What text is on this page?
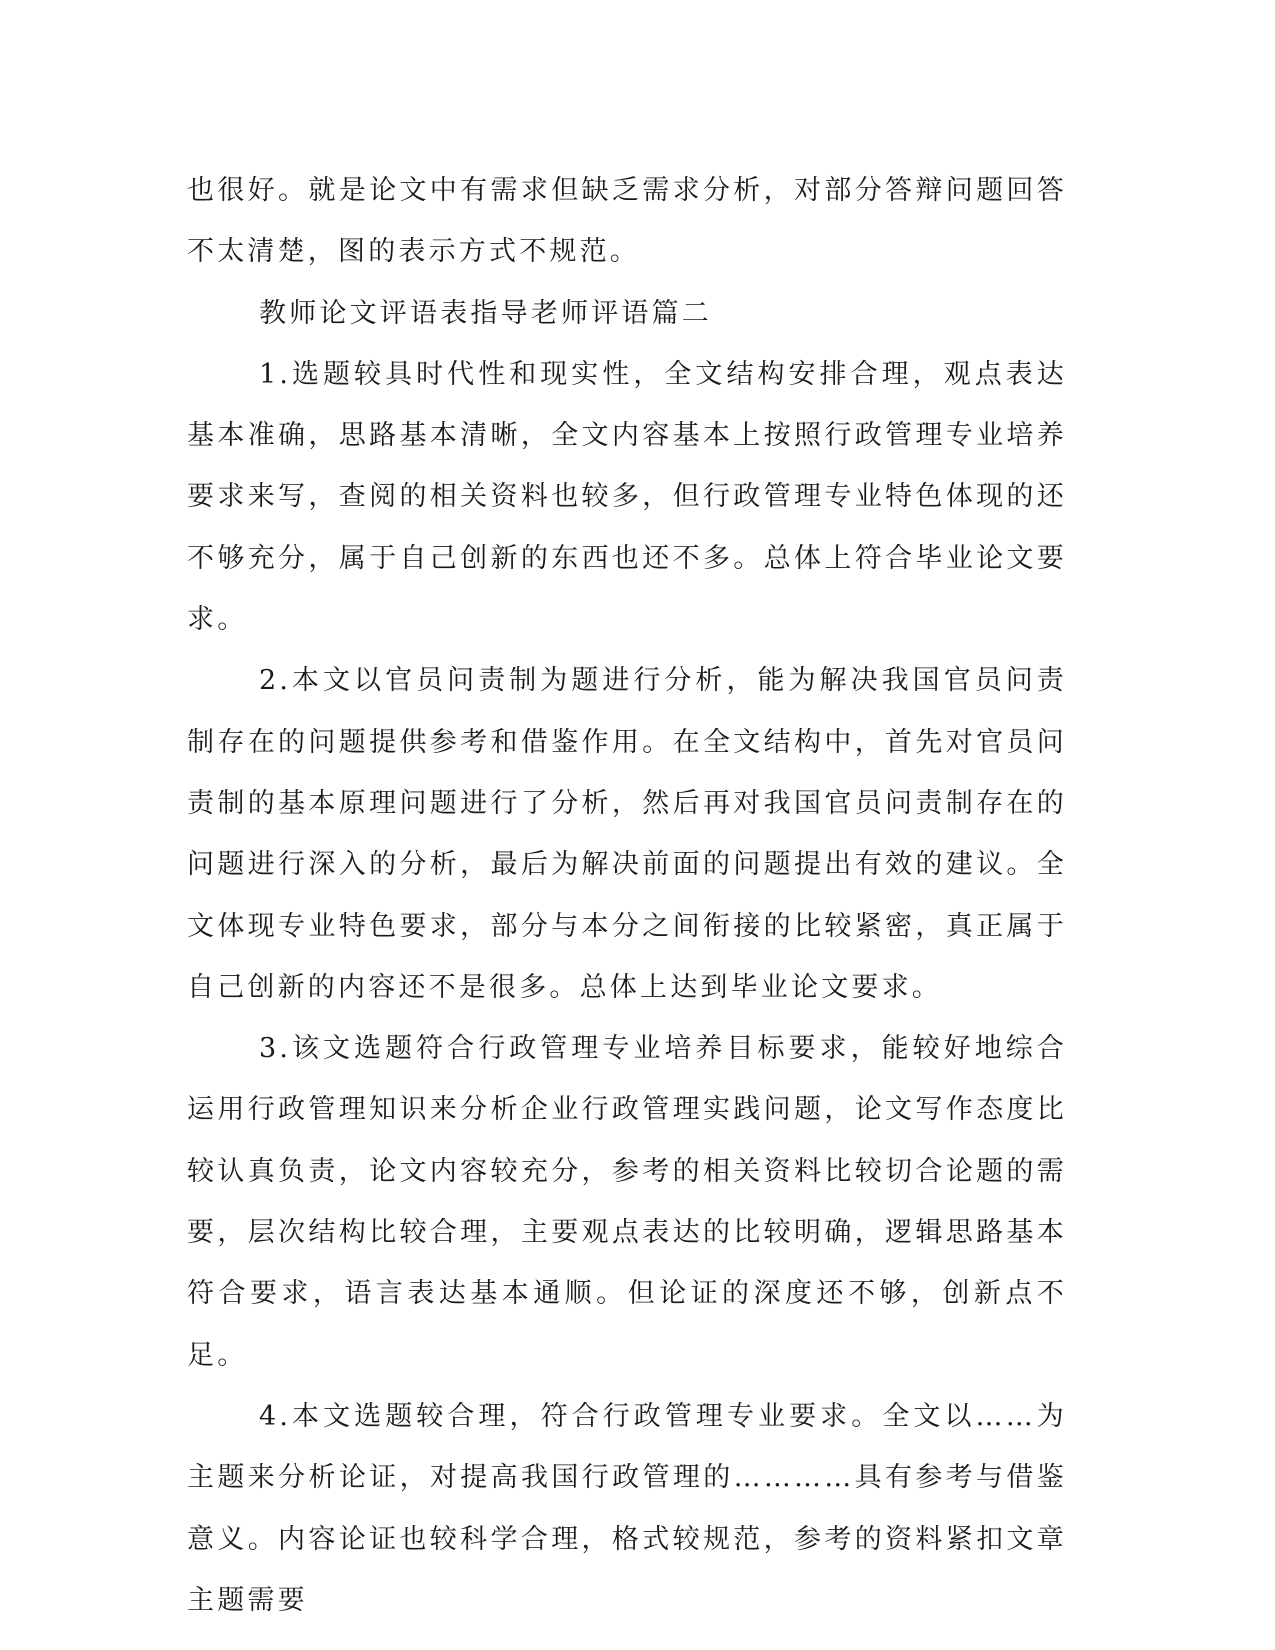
也很好。就是论文中有需求但缺乏需求分析，对部分答辩问题回答不太清楚，图的表示方式不规范。

教师论文评语表指导老师评语篇二

1.选题较具时代性和现实性，全文结构安排合理，观点表达基本准确，思路基本清晰，全文内容基本上按照行政管理专业培养要求来写，查阅的相关资料也较多，但行政管理专业特色体现的还不够充分，属于自己创新的东西也还不多。总体上符合毕业论文要求。

2.本文以官员问责制为题进行分析，能为解决我国官员问责制存在的问题提供参考和借鉴作用。在全文结构中，首先对官员问责制的基本原理问题进行了分析，然后再对我国官员问责制存在的问题进行深入的分析，最后为解决前面的问题提出有效的建议。全文体现专业特色要求，部分与本分之间衔接的比较紧密，真正属于自己创新的内容还不是很多。总体上达到毕业论文要求。

3.该文选题符合行政管理专业培养目标要求，能较好地综合运用行政管理知识来分析企业行政管理实践问题，论文写作态度比较认真负责，论文内容较充分，参考的相关资料比较切合论题的需要，层次结构比较合理，主要观点表达的比较明确，逻辑思路基本符合要求，语言表达基本通顺。但论证的深度还不够，创新点不足。

4.本文选题较合理，符合行政管理专业要求。全文以……为主题来分析论证，对提高我国行政管理的…………具有参考与借鉴意义。内容论证也较科学合理，格式较规范，参考的资料紧扣文章主题需要
